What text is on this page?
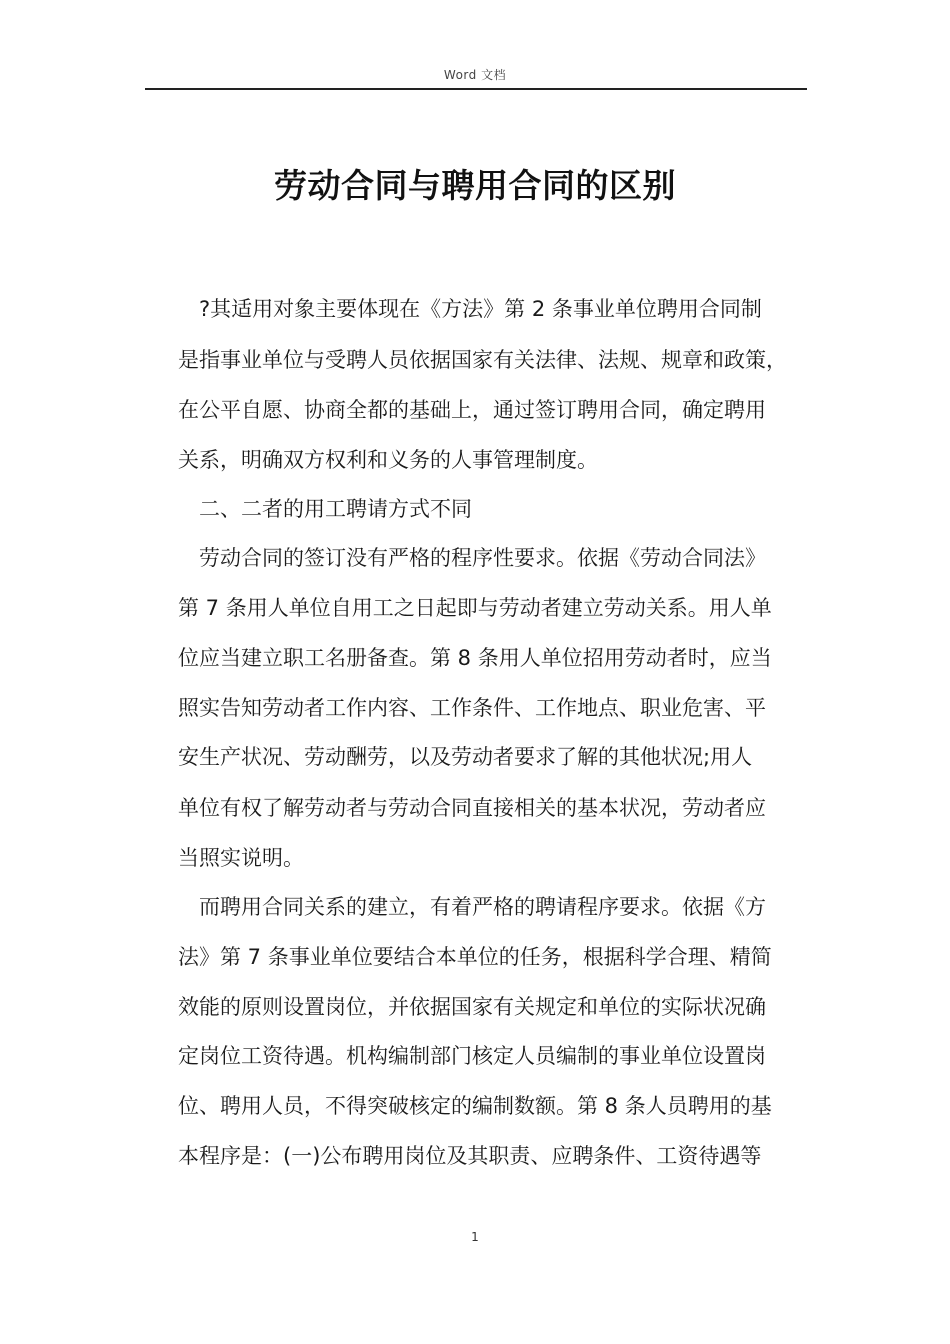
Word 文档
劳动合同与聘用合同的区别
?其适用对象主要体现在《方法》第 2 条事业单位聘用合同制
是指事业单位与受聘人员依据国家有关法律、法规、规章和政策，
在公平自愿、协商全都的基础上，通过签订聘用合同，确定聘用
关系，明确双方权利和义务的人事管理制度。
二、二者的用工聘请方式不同
劳动合同的签订没有严格的程序性要求。依据《劳动合同法》
第 7 条用人单位自用工之日起即与劳动者建立劳动关系。用人单
位应当建立职工名册备查。第 8 条用人单位招用劳动者时，应当
照实告知劳动者工作内容、工作条件、工作地点、职业危害、平
安生产状况、劳动酬劳，以及劳动者要求了解的其他状况;用人
单位有权了解劳动者与劳动合同直接相关的基本状况，劳动者应
当照实说明。
而聘用合同关系的建立，有着严格的聘请程序要求。依据《方
法》第 7 条事业单位要结合本单位的任务，根据科学合理、精简
效能的原则设置岗位，并依据国家有关规定和单位的实际状况确
定岗位工资待遇。机构编制部门核定人员编制的事业单位设置岗
位、聘用人员，不得突破核定的编制数额。第 8 条人员聘用的基
本程序是：(一)公布聘用岗位及其职责、应聘条件、工资待遇等
1
